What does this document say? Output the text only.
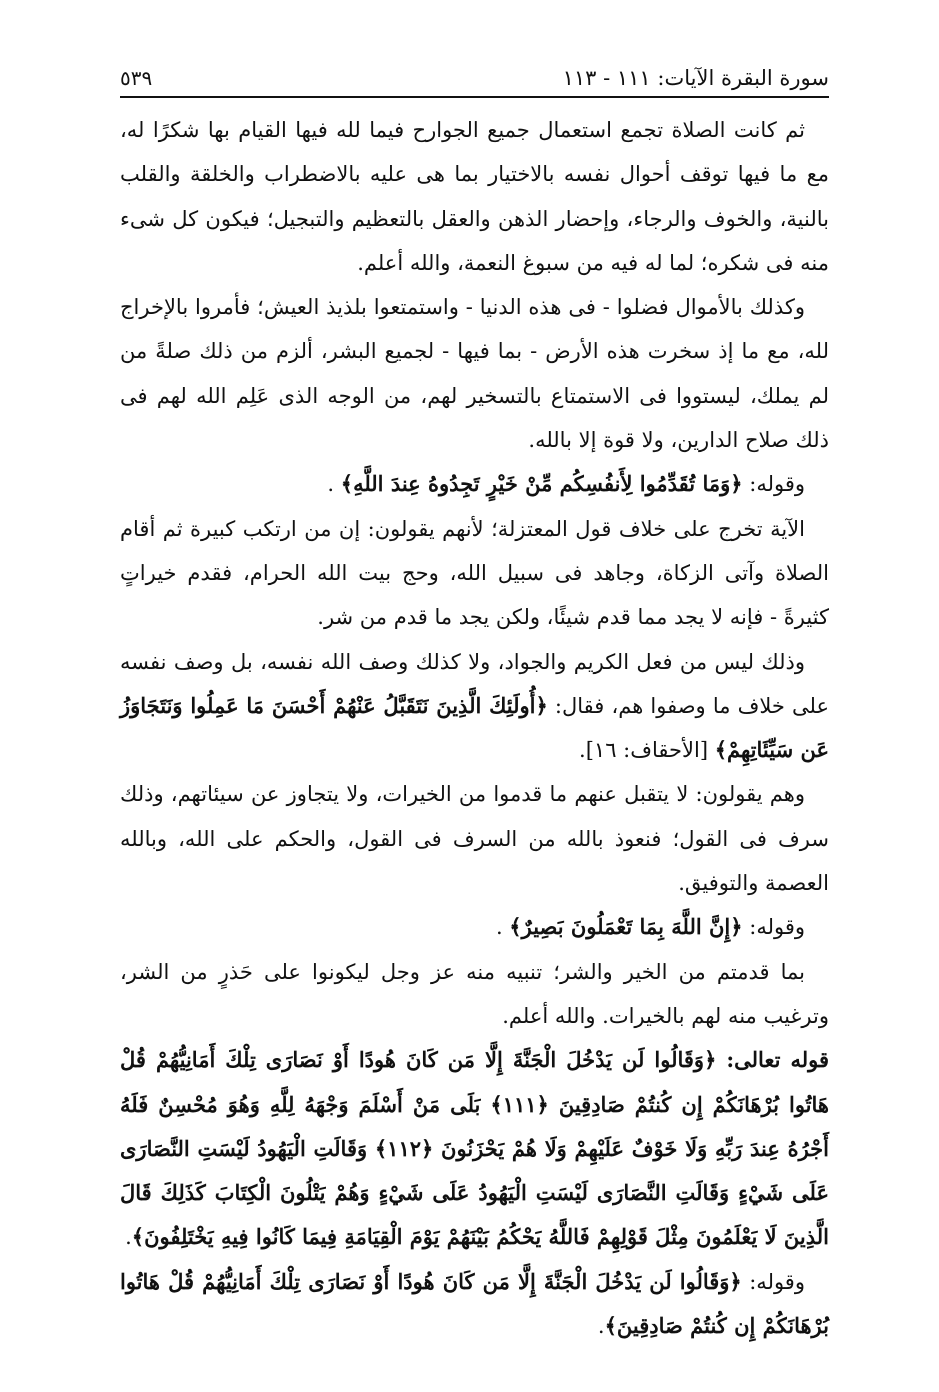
سورة البقرة الآيات: ١١١ - ١١٣
٥٣٩

ثم كانت الصلاة تجمع استعمال جميع الجوارح فيما لله فيها القيام بها شكرًا له، مع ما فيها توقف أحوال نفسه بالاختيار بما هى عليه بالاضطراب والخلقة والقلب بالنية، والخوف والرجاء، وإحضار الذهن والعقل بالتعظيم والتبجيل؛ فيكون كل شىء منه فى شكره؛ لما له فيه من سبوغ النعمة، والله أعلم.

وكذلك بالأموال فضلوا - فى هذه الدنيا - واستمتعوا بلذيذ العيش؛ فأمروا بالإخراج لله، مع ما إذ سخرت هذه الأرض - بما فيها - لجميع البشر، ألزم من ذلك صلةً من لم يملك، ليستووا فى الاستمتاع بالتسخير لهم، من الوجه الذى عَلِم الله لهم فى ذلك صلاح الدارين، ولا قوة إلا بالله.

وقوله: ﴿وَمَا تُقَدِّمُوا لِأَنفُسِكُم مِّنْ خَيْرٍ تَجِدُوهُ عِندَ اللَّهِ﴾ .

الآية تخرج على خلاف قول المعتزلة؛ لأنهم يقولون: إن من ارتكب كبيرة ثم أقام الصلاة وآتى الزكاة، وجاهد فى سبيل الله، وحج بيت الله الحرام، فقدم خيراتٍ كثيرةً - فإنه لا يجد مما قدم شيئًا، ولكن يجد ما قدم من شر.

وذلك ليس من فعل الكريم والجواد، ولا كذلك وصف الله نفسه، بل وصف نفسه على خلاف ما وصفوا هم، فقال: ﴿أُولَئِكَ الَّذِينَ نَتَقَبَّلُ عَنْهُمْ أَحْسَنَ مَا عَمِلُوا وَنَتَجَاوَزُ عَن سَيِّئَاتِهِمْ﴾ [الأحقاف: ١٦].

وهم يقولون: لا يتقبل عنهم ما قدموا من الخيرات، ولا يتجاوز عن سيئاتهم، وذلك سرف فى القول؛ فنعوذ بالله من السرف فى القول، والحكم على الله، وبالله العصمة والتوفيق.

وقوله: ﴿إِنَّ اللَّهَ بِمَا تَعْمَلُونَ بَصِيرٌ﴾ .

بما قدمتم من الخير والشر؛ تنبيه منه عز وجل ليكونوا على حَذرٍ من الشر، وترغيب منه لهم بالخيرات. والله أعلم.

قوله تعالى: ﴿وَقَالُوا لَن يَدْخُلَ الْجَنَّةَ إِلَّا مَن كَانَ هُودًا أَوْ نَصَارَى تِلْكَ أَمَانِيُّهُمْ قُلْ هَاتُوا بُرْهَانَكُمْ إِن كُنتُمْ صَادِقِينَ ﴿١١١﴾ بَلَى مَنْ أَسْلَمَ وَجْهَهُ لِلَّهِ وَهُوَ مُحْسِنٌ فَلَهُ أَجْرُهُ عِندَ رَبِّهِ وَلَا خَوْفٌ عَلَيْهِمْ وَلَا هُمْ يَحْزَنُونَ ﴿١١٢﴾ وَقَالَتِ الْيَهُودُ لَيْسَتِ النَّصَارَى عَلَى شَيْءٍ وَقَالَتِ النَّصَارَى لَيْسَتِ الْيَهُودُ عَلَى شَيْءٍ وَهُمْ يَتْلُونَ الْكِتَابَ كَذَلِكَ قَالَ الَّذِينَ لَا يَعْلَمُونَ مِثْلَ قَوْلِهِمْ فَاللَّهُ يَحْكُمُ بَيْنَهُمْ يَوْمَ الْقِيَامَةِ فِيمَا كَانُوا فِيهِ يَخْتَلِفُونَ﴾.

وقوله: ﴿وَقَالُوا لَن يَدْخُلَ الْجَنَّةَ إِلَّا مَن كَانَ هُودًا أَوْ نَصَارَى تِلْكَ أَمَانِيُّهُمْ قُلْ هَاتُوا بُرْهَانَكُمْ إِن كُنتُمْ صَادِقِينَ﴾.
